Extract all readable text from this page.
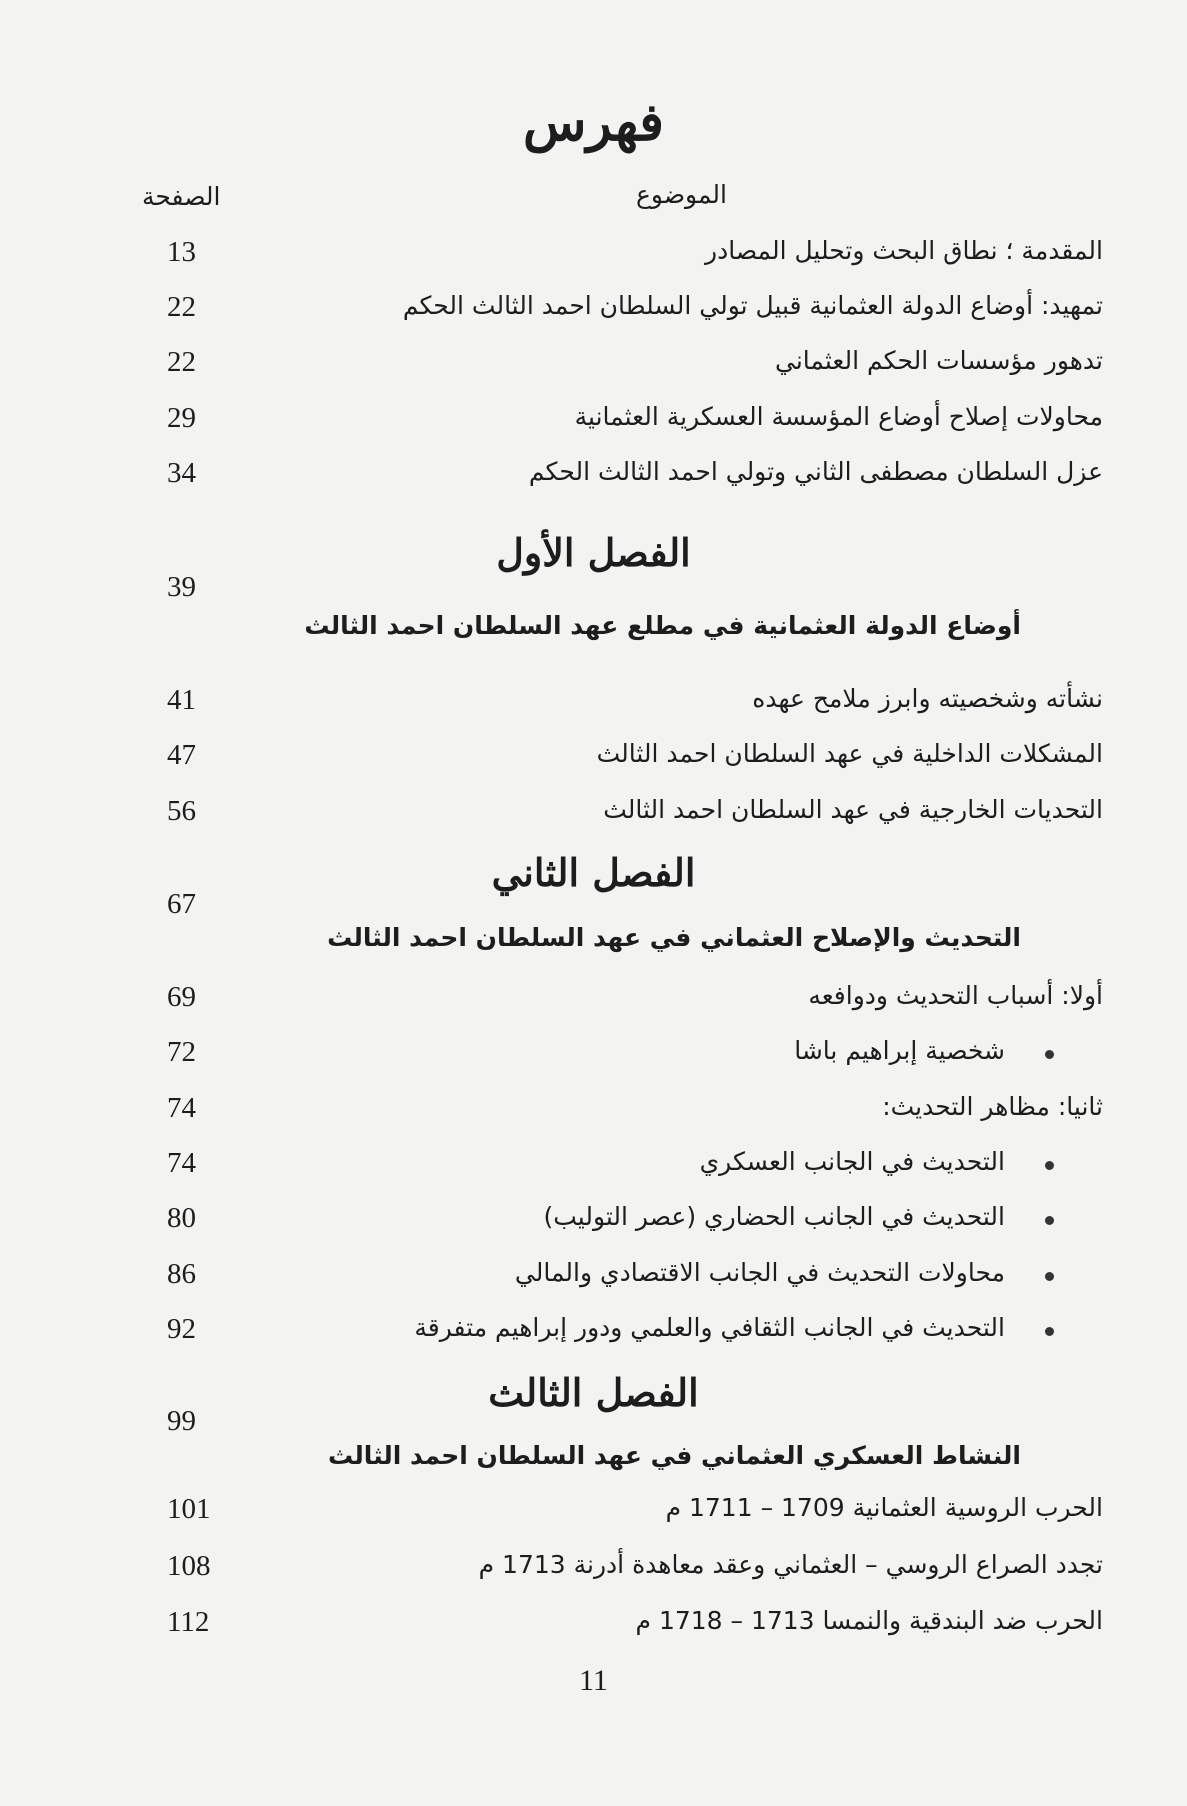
فهرس
الصفحة	الموضوع
المقدمة ؛ نطاق البحث وتحليل المصادر
13
تمهيد: أوضاع الدولة العثمانية قبيل تولي السلطان احمد الثالث الحكم
22
تدهور مؤسسات الحكم العثماني
22
محاولات إصلاح أوضاع المؤسسة العسكرية العثمانية
29
عزل السلطان مصطفى الثاني وتولي احمد الثالث الحكم
34
الفصل الأول
39
أوضاع الدولة العثمانية في مطلع عهد السلطان احمد الثالث
نشأته وشخصيته وابرز ملامح عهده
41
المشكلات الداخلية في عهد السلطان احمد الثالث
47
التحديات الخارجية في عهد السلطان احمد الثالث
56
الفصل الثاني
67
التحديث والإصلاح العثماني في عهد السلطان احمد الثالث
أولا: أسباب التحديث ودوافعه
69
شخصية إبراهيم باشا
72
ثانيا: مظاهر التحديث:
74
التحديث في الجانب العسكري
74
التحديث في الجانب الحضاري (عصر التوليب)
80
محاولات التحديث في الجانب الاقتصادي والمالي
86
التحديث في الجانب الثقافي والعلمي ودور إبراهيم متفرقة
92
الفصل الثالث
99
النشاط العسكري العثماني في عهد السلطان احمد الثالث
الحرب الروسية العثمانية 1709 – 1711 م
101
تجدد الصراع الروسي – العثماني وعقد معاهدة أدرنة 1713 م
108
الحرب ضد البندقية والنمسا 1713 – 1718 م
112
11
